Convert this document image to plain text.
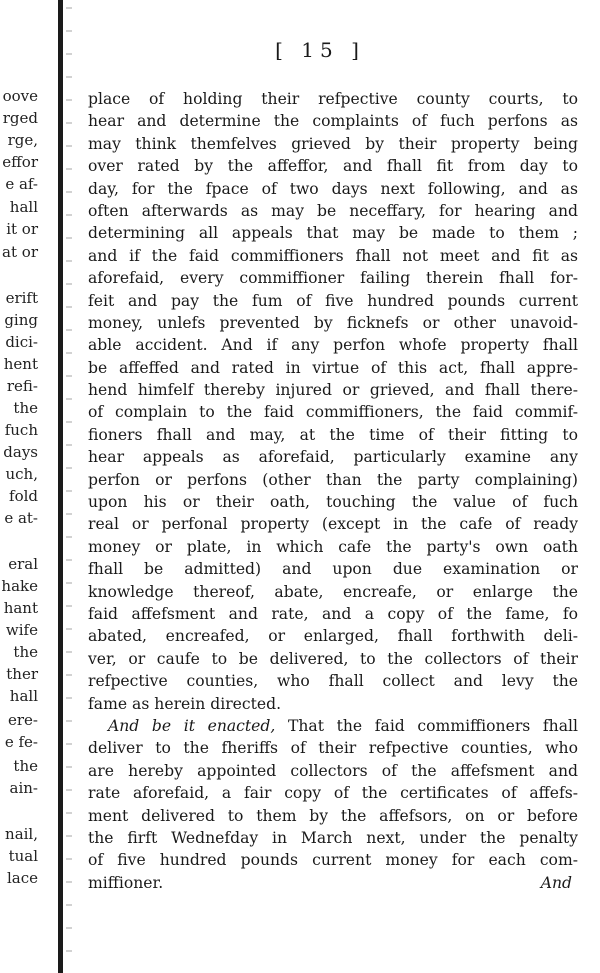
oove
rged
rge,
effor
e af-
hall
it or
at or
erift
ging
dici-
hent
refi-
the
fuch
days
uch,
fold
e at-
eral
hake
hant
wife
the
ther
hall
ere-
e fe-
the
ain-
nail,
tual
lace
[ 15 ]
place of holding their refpective county courts, to
hear and determine the complaints of fuch perfons as
may think themfelves grieved by their property being
over rated by the affeffor, and fhall fit from day to
day, for the fpace of two days next following, and as
often afterwards as may be neceffary, for hearing and
determining all appeals that may be made to them ;
and if the faid commiffioners fhall not meet and fit as
aforefaid, every commiffioner failing therein fhall for-
feit and pay the fum of five hundred pounds current
money, unlefs prevented by ficknefs or other unavoid-
able accident. And if any perfon whofe property fhall
be affeffed and rated in virtue of this act, fhall appre-
hend himfelf thereby injured or grieved, and fhall there-
of complain to the faid commiffioners, the faid commif-
fioners fhall and may, at the time of their fitting to
hear appeals as aforefaid, particularly examine any
perfon or perfons (other than the party complaining)
upon his or their oath, touching the value of fuch
real or perfonal property (except in the cafe of ready
money or plate, in which cafe the party's own oath
fhall be admitted) and upon due examination or
knowledge thereof, abate, encreafe, or enlarge the
faid affefsment and rate, and a copy of the fame, fo
abated, encreafed, or enlarged, fhall forthwith deli-
ver, or caufe to be delivered, to the collectors of their
refpective counties, who fhall collect and levy the
fame as herein directed.
And be it enacted, That the faid commiffioners fhall
deliver to the fheriffs of their refpective counties, who
are hereby appointed collectors of the affefsment and
rate aforefaid, a fair copy of the certificates of affefs-
ment delivered to them by the affefsors, on or before
the firft Wednefday in March next, under the penalty
of five hundred pounds current money for each com-
miffioner.	And
